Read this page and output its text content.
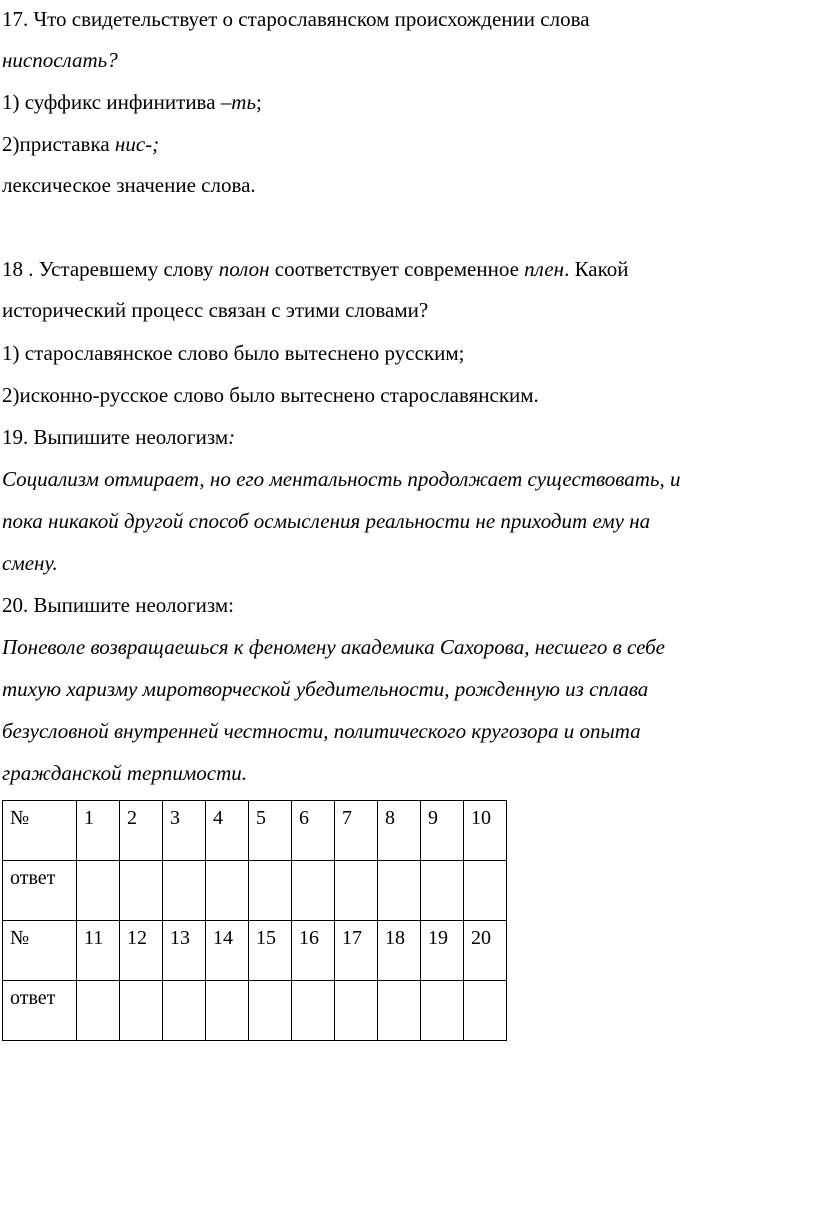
17. Что свидетельствует о старославянском происхождении слова
ниспослать?
1) суффикс инфинитива –ть;
2)приставка нис-;
лексическое значение слова.
18 . Устаревшему слову полон соответствует современное плен. Какой
исторический процесс связан с этими словами?
1) старославянское слово было вытеснено русским;
2)исконно-русское слово было вытеснено старославянским.
19. Выпишите неологизм:
Социализм отмирает, но его ментальность продолжает существовать, и
пока никакой другой способ осмысления реальности не приходит ему на
смену.
20. Выпишите неологизм:
Поневоле возвращаешься к феномену академика Сахорова, несшего в себе
тихую харизму миротворческой убедительности, рожденную из сплава
безусловной внутренней честности, политического кругозора и опыта
гражданской терпимости.
№	1	2	3	4	5	6	7	8	9	10
ответ										
№	11	12	13	14	15	16	17	18	19	20
ответ										
